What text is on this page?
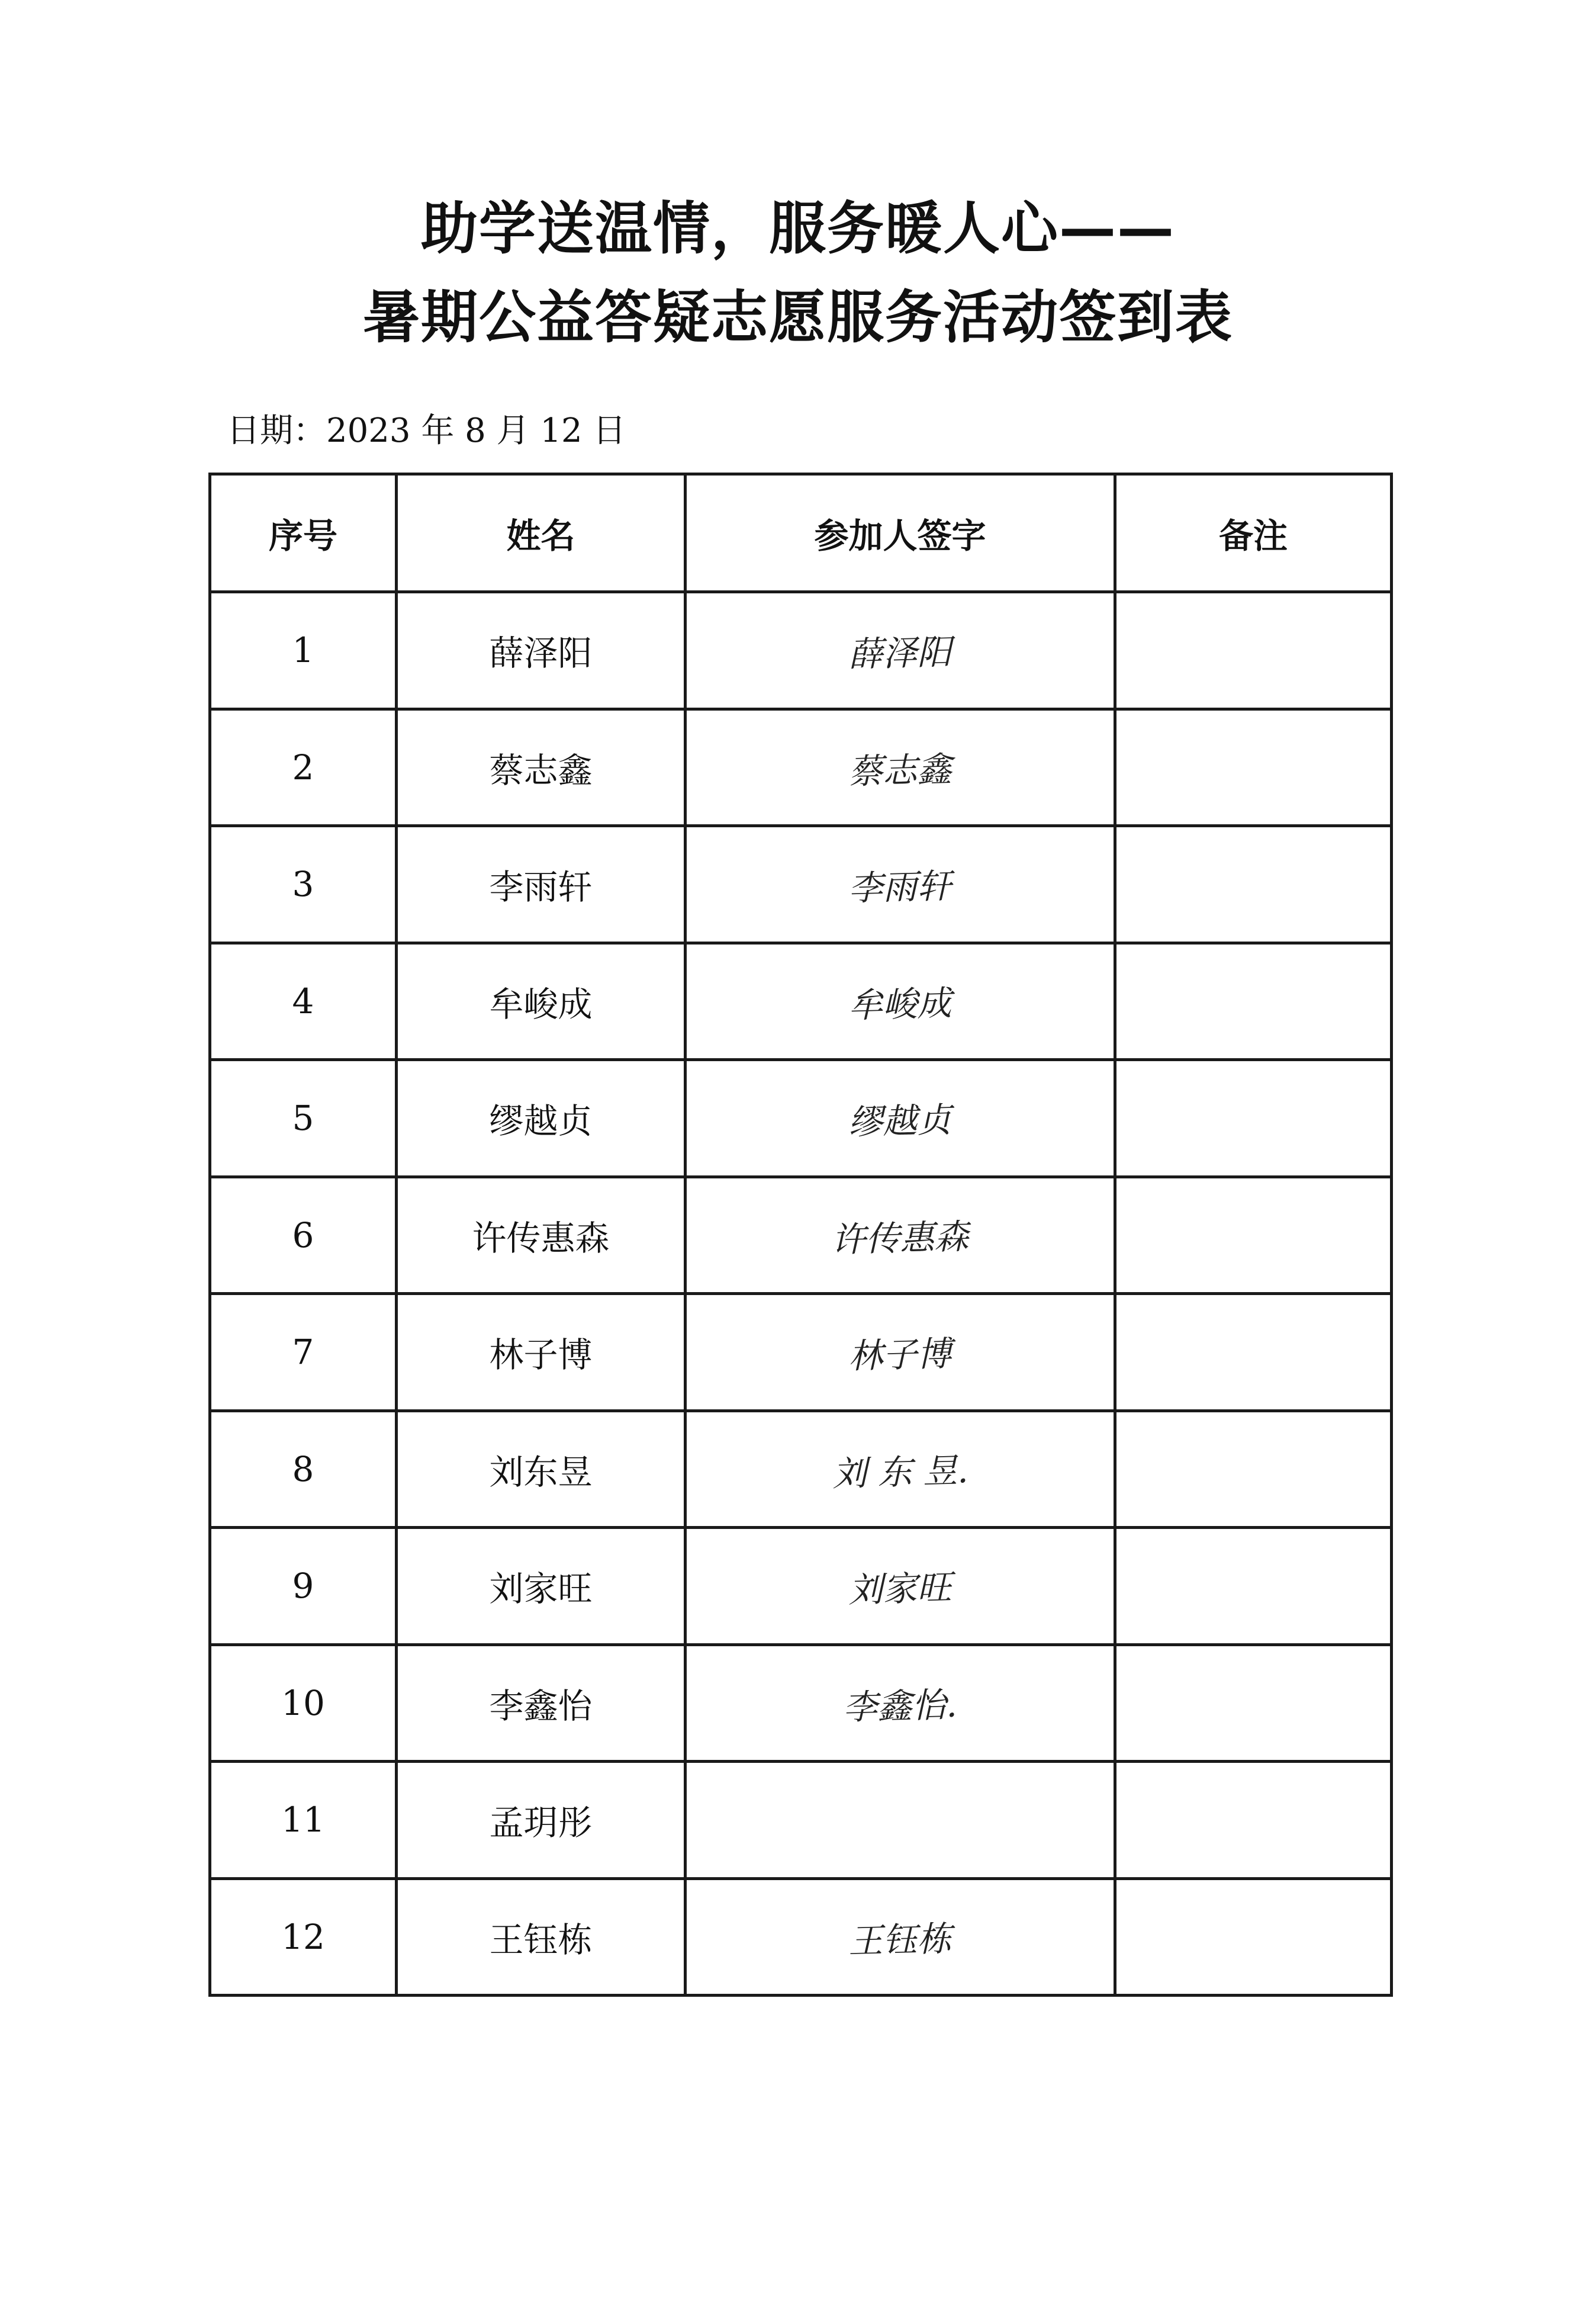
助学送温情，服务暖人心——
暑期公益答疑志愿服务活动签到表
日期：2023 年 8 月 12 日
序号	姓名	参加人签字	备注
1	薛泽阳	薛泽阳	
2	蔡志鑫	蔡志鑫	
3	李雨轩	李雨轩	
4	牟峻成	牟峻成	
5	缪越贞	缪越贞	
6	许传惠森	许传惠森	
7	林子博	林子博	
8	刘东昱	刘 东 昱.	
9	刘家旺	刘家旺	
10	李鑫怡	李鑫怡.	
11	孟玥彤		
12	王钰栋	王钰栋	
